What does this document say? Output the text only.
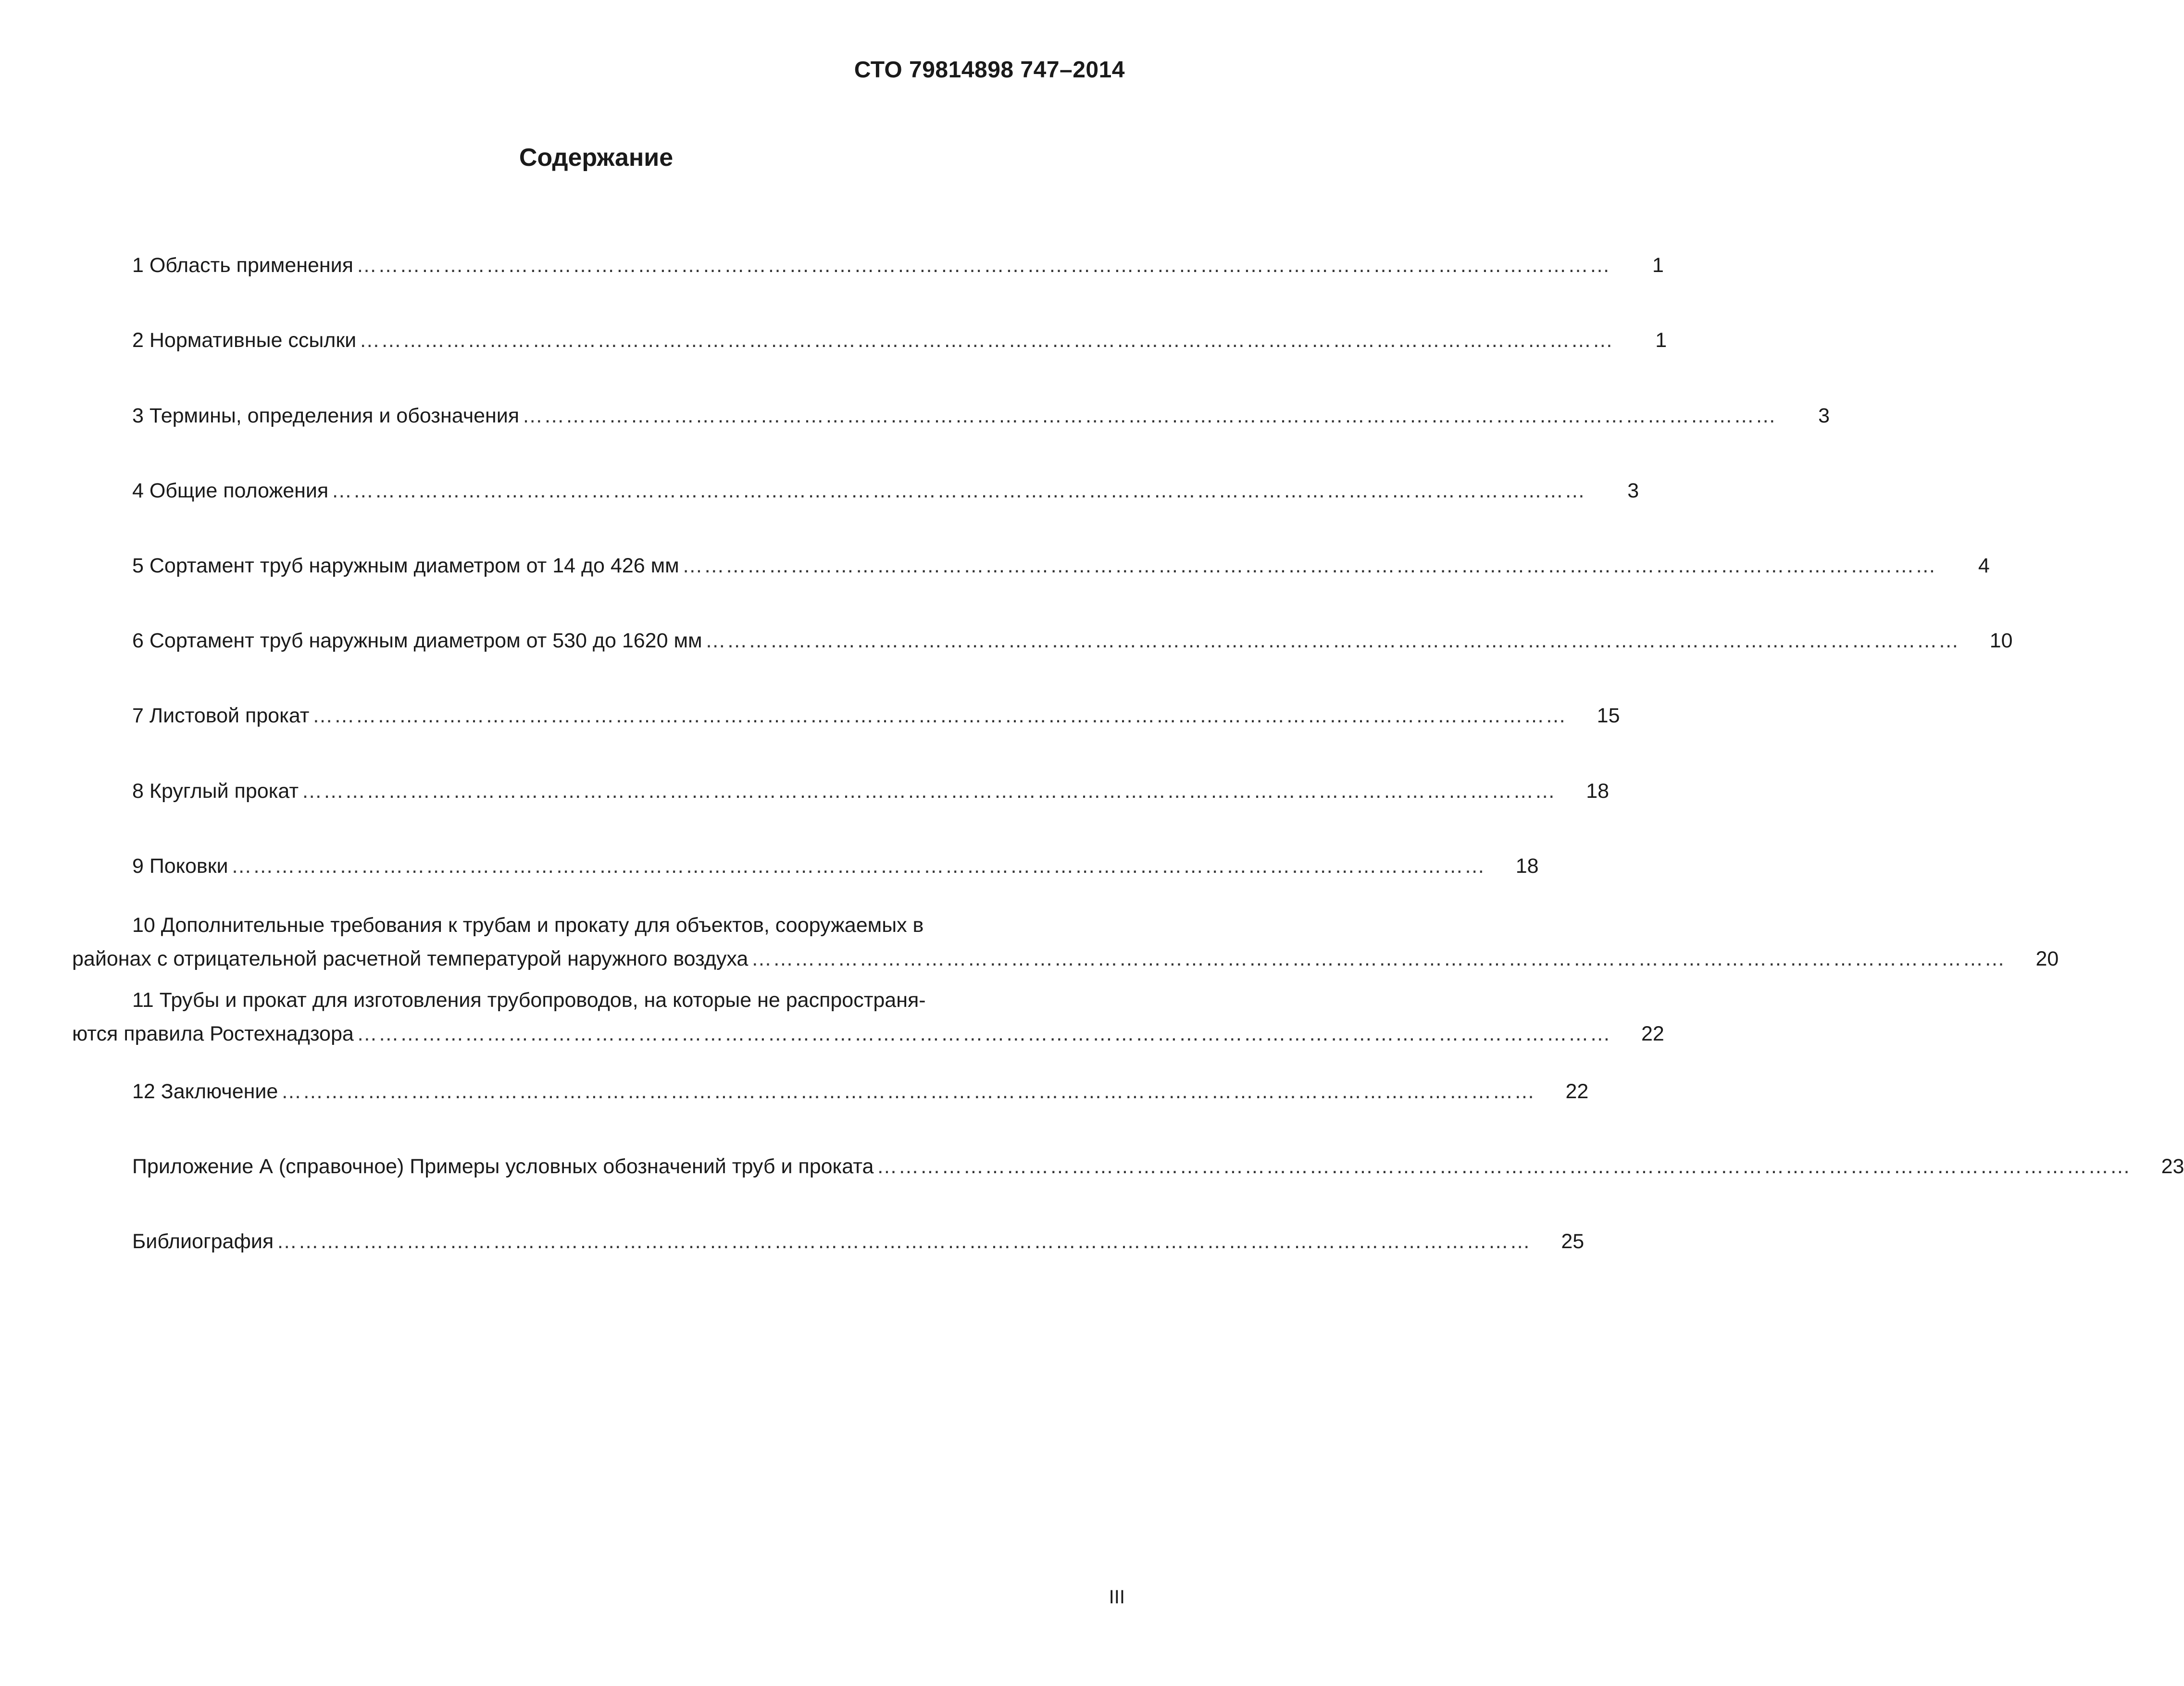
СТО 79814898 747–2014
Содержание
1 Область применения …………………………………………………………………………………………………………………………………………………………	1
2 Нормативные ссылки …………………………………………………………………………………………………………………………………………………………	1
3 Термины, определения и обозначения …………………………………………………………………………………………………………………………………………………………	3
4 Общие положения …………………………………………………………………………………………………………………………………………………………	3
5 Сортамент труб наружным диаметром от 14 до 426 мм …………………………………………………………………………………………………………………………………………………………	4
6 Сортамент труб наружным диаметром от 530 до 1620 мм …………………………………………………………………………………………………………………………………………………………	10
7 Листовой прокат …………………………………………………………………………………………………………………………………………………………	15
8 Круглый прокат …………………………………………………………………………………………………………………………………………………………	18
9 Поковки …………………………………………………………………………………………………………………………………………………………	18
10 Дополнительные требования к трубам и прокату для объектов, сооружаемых в
районах с отрицательной расчетной температурой наружного воздуха …………………………………………………………………………………………………………………………………………………………	20
11 Трубы и прокат для изготовления трубопроводов, на которые не распространя-
ются правила Ростехнадзора …………………………………………………………………………………………………………………………………………………………	22
12 Заключение …………………………………………………………………………………………………………………………………………………………	22
Приложение А (справочное) Примеры условных обозначений труб и проката …………………………………………………………………………………………………………………………………………………………	23
Библиография …………………………………………………………………………………………………………………………………………………………	25
III
